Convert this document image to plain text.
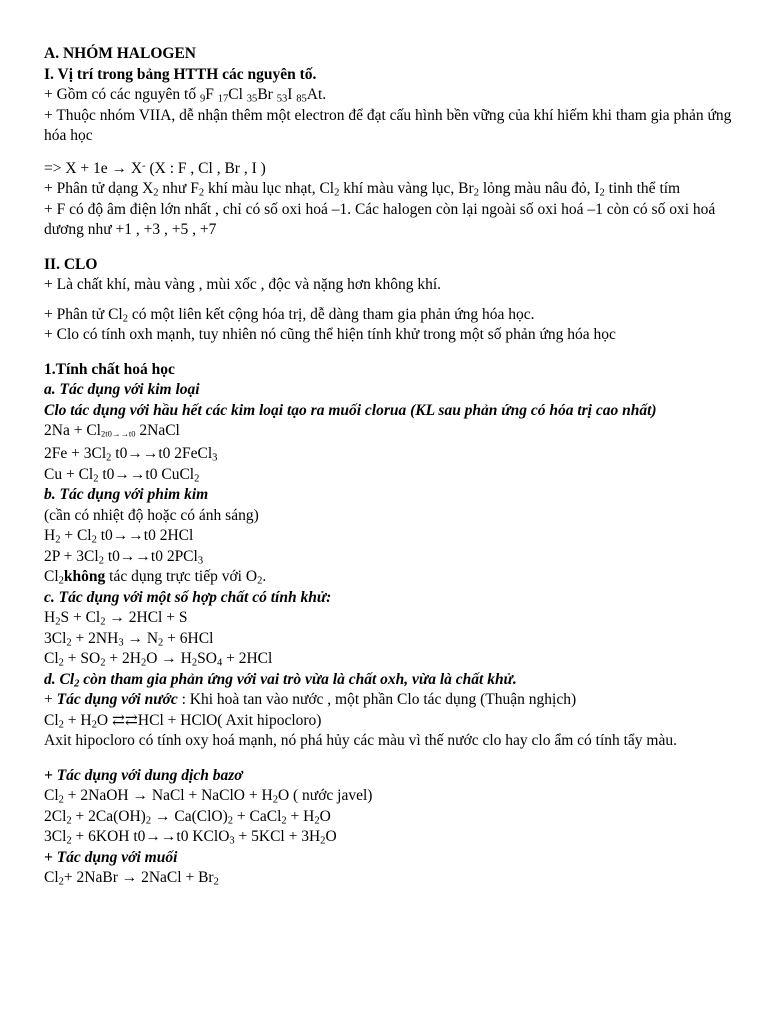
A. NHÓM HALOGEN
I. Vị trí trong bảng HTTH các nguyên tố.
+ Gồm có các nguyên tố $_9$F $_{17}$Cl $_{35}$Br $_{53}$I $_{85}$At.
+ Thuộc nhóm VIIA, dễ nhận thêm một electron để đạt cấu hình bền vững của khí hiếm khi tham gia phản ứng hóa học
=> X + 1e → X- (X : F , Cl , Br , I )
+ Phân tử dạng $X_2$ như $F_2$ khí màu lục nhạt, $Cl_2$ khí màu vàng lục, $Br_2$ lỏng màu nâu đỏ, $I_2$ tinh thể tím
+ F có độ âm điện lớn nhất , chỉ có số oxi hoá –1. Các halogen còn lại ngoài số oxi hoá –1 còn có số oxi hoá dương như +1 , +3 , +5 , +7
II. CLO
+ Là chất khí, màu vàng , mùi xốc , độc và nặng hơn không khí.
+ Phân tử $Cl_2$ có một liên kết cộng hóa trị, dễ dàng tham gia phản ứng hóa học.
+ Clo có tính oxh mạnh, tuy nhiên nó cũng thể hiện tính khử trong một số phản ứng hóa học
1.Tính chất hoá học
a. Tác dụng với kim loại
Clo tác dụng với hầu hết các kim loại tạo ra muối clorua (KL sau phản ứng có hóa trị cao nhất)
2Na + Cl2t0→→t0 2NaCl
$2Fe + 3Cl_2$ t0→→t0 2FeCl$_3$
$Cu + Cl_2$ t0→→t0 CuCl$_2$
b. Tác dụng với phim kim
(cần có nhiệt độ hoặc có ánh sáng)
$H_2 + Cl_2$ t0→→t0 2HCl
$2P + 3Cl_2$ t0→→t0 2PCl$_3$
$Cl_2không$ tác dụng trực tiếp với $O_2$.
c. Tác dụng với một số hợp chất có tính khử:
$H_2S + Cl_2 \to 2HCl + S$
$3Cl_2 + 2NH_3 \to N_2 + 6HCl$
$Cl_2 + SO_2 + 2H_2O \to H_2SO_4 + 2HCl$
d. $Cl_2$ còn tham gia phản ứng với vai trò vừa là chất oxh, vừa là chất khử.
+ Tác dụng với nước : Khi hoà tan vào nước , một phần Clo tác dụng (Thuận nghịch)
$Cl_2 + H_2O$ ⇄⇄HCl + HClO( Axit hipocloro)
Axit hipocloro có tính oxy hoá mạnh, nó phá hủy các màu vì thế nước clo hay clo ẩm có tính tẩy màu.
+ Tác dụng với dung dịch bazơ
$Cl_2$ + 2NaOH → NaCl + NaClO + $H_2O$ ( nước javel)
$2Cl_2 + 2Ca(OH)_2 \to Ca(ClO)_2$ + CaCl$_2$ + $H_2O$
$3Cl_2 + 6KOH$ t0→→t0 KClO$_3$ + $5KCl + 3H_2O$
+ Tác dụng với muối
$Cl_2+$ 2NaBr → 2NaCl + $Br_2$
